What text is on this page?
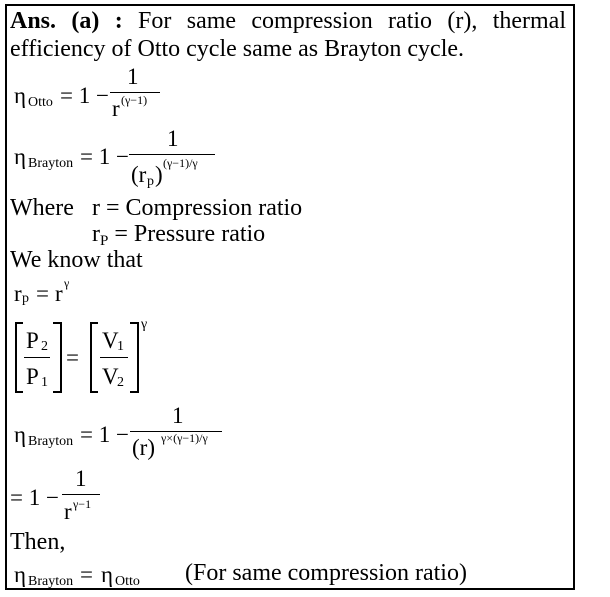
Ans. (a) : For same compression ratio (r), thermal
efficiency of Otto cycle same as Brayton cycle.
η Otto = 1 −
1
r (γ−1)
η Brayton = 1 −
1
(r p ) (γ−1)/γ
Where r = Compression ratio
rP = Pressure ratio
We know that
r p = r γ
P 2
P 1
=
V
1
V
2
γ
η Brayton = 1 −
1
(r) γ×(γ−1)/γ
= 1 −
1
r γ−1
Then,
η Brayton = η Otto (For same compression ratio)
